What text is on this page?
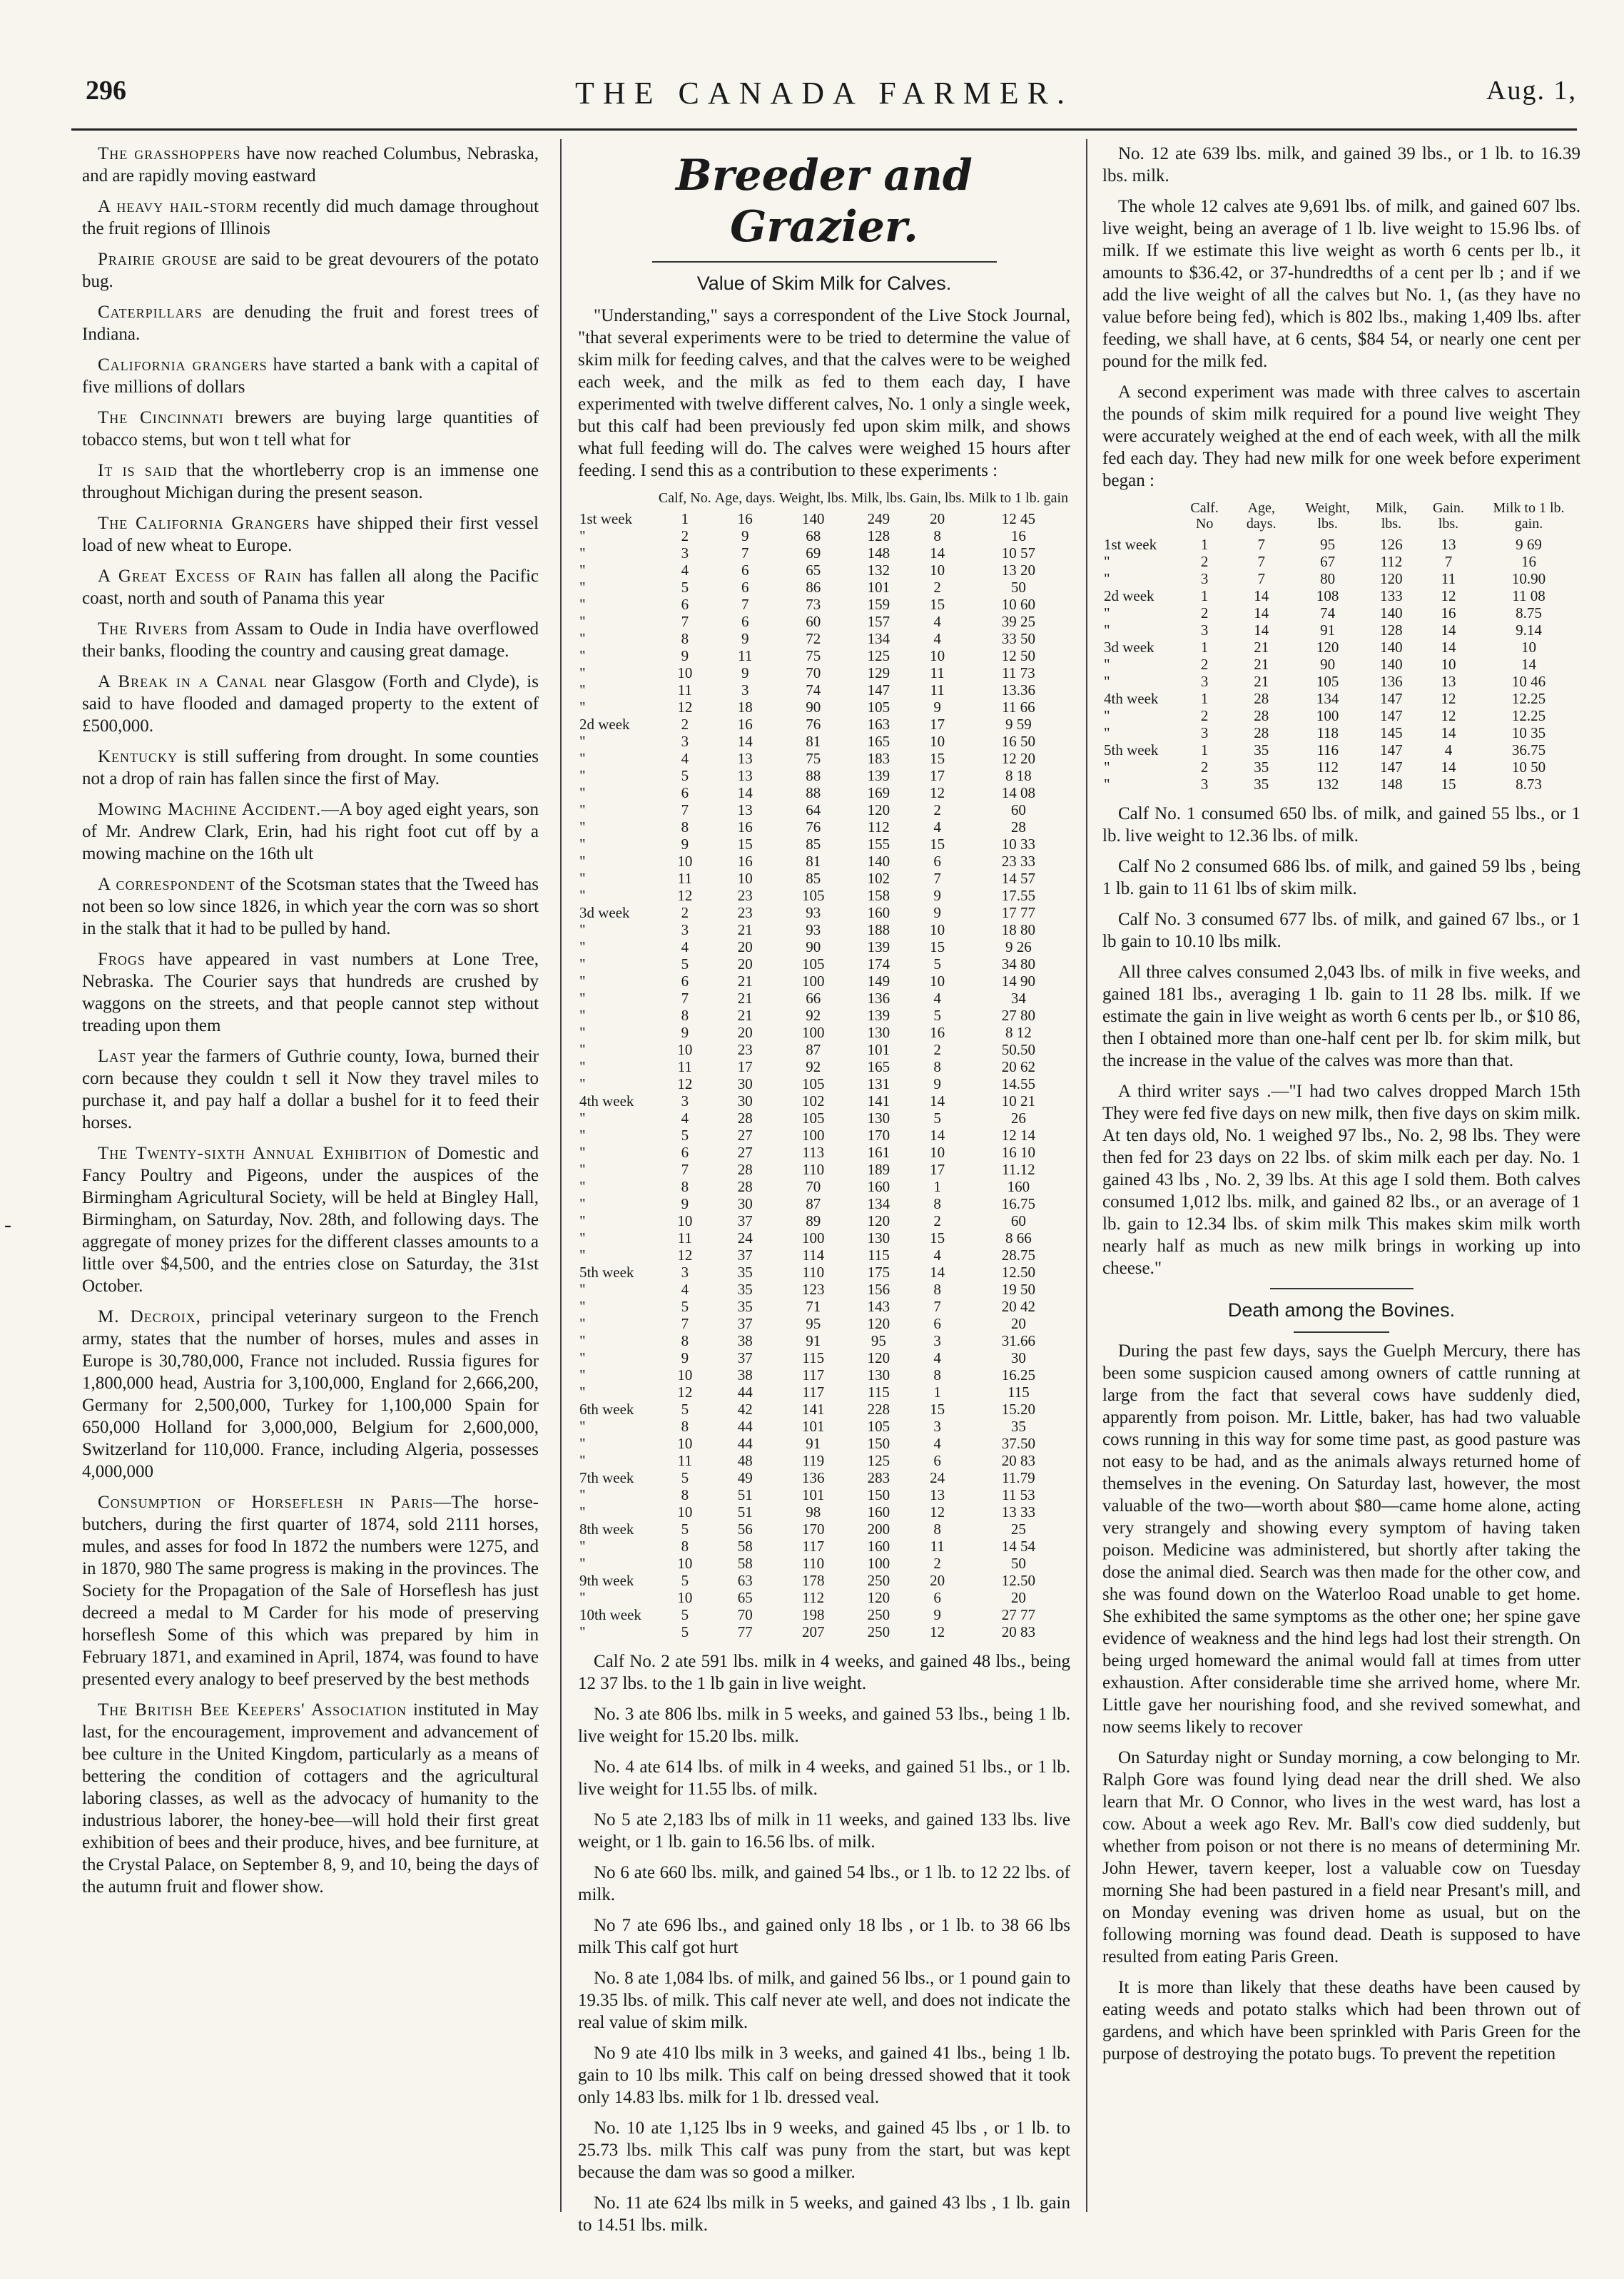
296	THE CANADA FARMER.	Aug. 1,
-

The grasshoppers have now reached Columbus, Nebraska, and are rapidly moving eastward

A heavy hail-storm recently did much damage throughout the fruit regions of Illinois

Prairie grouse are said to be great devourers of the potato bug.

Caterpillars are denuding the fruit and forest trees of Indiana.

California grangers have started a bank with a capital of five millions of dollars

The Cincinnati brewers are buying large quantities of tobacco stems, but won t tell what for

It is said that the whortleberry crop is an immense one throughout Michigan during the present season.

The California Grangers have shipped their first vessel load of new wheat to Europe.

A Great Excess of Rain has fallen all along the Pacific coast, north and south of Panama this year

The Rivers from Assam to Oude in India have overflowed their banks, flooding the country and causing great damage.

A Break in a Canal near Glasgow (Forth and Clyde), is said to have flooded and damaged property to the extent of £500,000.

Kentucky is still suffering from drought. In some counties not a drop of rain has fallen since the first of May.

Mowing Machine Accident.—A boy aged eight years, son of Mr. Andrew Clark, Erin, had his right foot cut off by a mowing machine on the 16th ult

A correspondent of the Scotsman states that the Tweed has not been so low since 1826, in which year the corn was so short in the stalk that it had to be pulled by hand.

Frogs have appeared in vast numbers at Lone Tree, Nebraska. The Courier says that hundreds are crushed by waggons on the streets, and that people cannot step without treading upon them

Last year the farmers of Guthrie county, Iowa, burned their corn because they couldn t sell it Now they travel miles to purchase it, and pay half a dollar a bushel for it to feed their horses.

The Twenty-sixth Annual Exhibition of Domestic and Fancy Poultry and Pigeons, under the auspices of the Birmingham Agricultural Society, will be held at Bingley Hall, Birmingham, on Saturday, Nov. 28th, and following days. The aggregate of money prizes for the different classes amounts to a little over $4,500, and the entries close on Saturday, the 31st October.

M. Decroix, principal veterinary surgeon to the French army, states that the number of horses, mules and asses in Europe is 30,780,000, France not included. Russia figures for 1,800,000 head, Austria for 3,100,000, England for 2,666,200, Germany for 2,500,000, Turkey for 1,100,000 Spain for 650,000 Holland for 3,000,000, Belgium for 2,600,000, Switzerland for 110,000. France, including Algeria, possesses 4,000,000

Consumption of Horseflesh in Paris—The horse-butchers, during the first quarter of 1874, sold 2111 horses, mules, and asses for food In 1872 the numbers were 1275, and in 1870, 980 The same progress is making in the provinces. The Society for the Propagation of the Sale of Horseflesh has just decreed a medal to M Carder for his mode of preserving horseflesh Some of this which was prepared by him in February 1871, and examined in April, 1874, was found to have presented every analogy to beef preserved by the best methods

The British Bee Keepers' Association instituted in May last, for the encouragement, improvement and advancement of bee culture in the United Kingdom, particularly as a means of bettering the condition of cottagers and the agricultural laboring classes, as well as the advocacy of humanity to the industrious laborer, the honey-bee—will hold their first great exhibition of bees and their produce, hives, and bee furniture, at the Crystal Palace, on September 8, 9, and 10, being the days of the autumn fruit and flower show.

Breeder and Grazier.
Value of Skim Milk for Calves.

"Understanding," says a correspondent of the Live Stock Journal, "that several experiments were to be tried to determine the value of skim milk for feeding calves, and that the calves were to be weighed each week, and the milk as fed to them each day, I have experimented with twelve different calves, No. 1 only a single week, but this calf had been previously fed upon skim milk, and shows what full feeding will do. The calves were weighed 15 hours after feeding. I send this as a contribution to these experiments :

	Calf, No.	Age, days.	Weight, lbs.	Milk, lbs.	Gain, lbs.	Milk to 1 lb. gain
1st week	1	16	140	249	20	12 45
"	2	9	68	128	8	16
"	3	7	69	148	14	10 57
"	4	6	65	132	10	13 20
"	5	6	86	101	2	50
"	6	7	73	159	15	10 60
"	7	6	60	157	4	39 25
"	8	9	72	134	4	33 50
"	9	11	75	125	10	12 50
"	10	9	70	129	11	11 73
"	11	3	74	147	11	13.36
"	12	18	90	105	9	11 66
2d week	2	16	76	163	17	9 59
"	3	14	81	165	10	16 50
"	4	13	75	183	15	12 20
"	5	13	88	139	17	8 18
"	6	14	88	169	12	14 08
"	7	13	64	120	2	60
"	8	16	76	112	4	28
"	9	15	85	155	15	10 33
"	10	16	81	140	6	23 33
"	11	10	85	102	7	14 57
"	12	23	105	158	9	17.55
3d week	2	23	93	160	9	17 77
"	3	21	93	188	10	18 80
"	4	20	90	139	15	9 26
"	5	20	105	174	5	34 80
"	6	21	100	149	10	14 90
"	7	21	66	136	4	34
"	8	21	92	139	5	27 80
"	9	20	100	130	16	8 12
"	10	23	87	101	2	50.50
"	11	17	92	165	8	20 62
"	12	30	105	131	9	14.55
4th week	3	30	102	141	14	10 21
"	4	28	105	130	5	26
"	5	27	100	170	14	12 14
"	6	27	113	161	10	16 10
"	7	28	110	189	17	11.12
"	8	28	70	160	1	160
"	9	30	87	134	8	16.75
"	10	37	89	120	2	60
"	11	24	100	130	15	8 66
"	12	37	114	115	4	28.75
5th week	3	35	110	175	14	12.50
"	4	35	123	156	8	19 50
"	5	35	71	143	7	20 42
"	7	37	95	120	6	20
"	8	38	91	95	3	31.66
"	9	37	115	120	4	30
"	10	38	117	130	8	16.25
"	12	44	117	115	1	115
6th week	5	42	141	228	15	15.20
"	8	44	101	105	3	35
"	10	44	91	150	4	37.50
"	11	48	119	125	6	20 83
7th week	5	49	136	283	24	11.79
"	8	51	101	150	13	11 53
"	10	51	98	160	12	13 33
8th week	5	56	170	200	8	25
"	8	58	117	160	11	14 54
"	10	58	110	100	2	50
9th week	5	63	178	250	20	12.50
"	10	65	112	120	6	20
10th week	5	70	198	250	9	27 77
"	5	77	207	250	12	20 83

Calf No. 2 ate 591 lbs. milk in 4 weeks, and gained 48 lbs., being 12 37 lbs. to the 1 lb gain in live weight.

No. 3 ate 806 lbs. milk in 5 weeks, and gained 53 lbs., being 1 lb. live weight for 15.20 lbs. milk.

No. 4 ate 614 lbs. of milk in 4 weeks, and gained 51 lbs., or 1 lb. live weight for 11.55 lbs. of milk.

No 5 ate 2,183 lbs of milk in 11 weeks, and gained 133 lbs. live weight, or 1 lb. gain to 16.56 lbs. of milk.

No 6 ate 660 lbs. milk, and gained 54 lbs., or 1 lb. to 12 22 lbs. of milk.

No 7 ate 696 lbs., and gained only 18 lbs , or 1 lb. to 38 66 lbs milk This calf got hurt

No. 8 ate 1,084 lbs. of milk, and gained 56 lbs., or 1 pound gain to 19.35 lbs. of milk. This calf never ate well, and does not indicate the real value of skim milk.

No 9 ate 410 lbs milk in 3 weeks, and gained 41 lbs., being 1 lb. gain to 10 lbs milk. This calf on being dressed showed that it took only 14.83 lbs. milk for 1 lb. dressed veal.

No. 10 ate 1,125 lbs in 9 weeks, and gained 45 lbs , or 1 lb. to 25.73 lbs. milk This calf was puny from the start, but was kept because the dam was so good a milker.

No. 11 ate 624 lbs milk in 5 weeks, and gained 43 lbs , 1 lb. gain to 14.51 lbs. milk.

No. 12 ate 639 lbs. milk, and gained 39 lbs., or 1 lb. to 16.39 lbs. milk.

The whole 12 calves ate 9,691 lbs. of milk, and gained 607 lbs. live weight, being an average of 1 lb. live weight to 15.96 lbs. of milk. If we estimate this live weight as worth 6 cents per lb., it amounts to $36.42, or 37-hundredths of a cent per lb ; and if we add the live weight of all the calves but No. 1, (as they have no value before being fed), which is 802 lbs., making 1,409 lbs. after feeding, we shall have, at 6 cents, $84 54, or nearly one cent per pound for the milk fed.

A second experiment was made with three calves to ascertain the pounds of skim milk required for a pound live weight They were accurately weighed at the end of each week, with all the milk fed each day. They had new milk for one week before experiment began :

	Calf. No	Age, days.	Weight, lbs.	Milk, lbs.	Gain. lbs.	Milk to 1 lb. gain.
1st week	1	7	95	126	13	9 69
"	2	7	67	112	7	16
"	3	7	80	120	11	10.90
2d week	1	14	108	133	12	11 08
"	2	14	74	140	16	8.75
"	3	14	91	128	14	9.14
3d week	1	21	120	140	14	10
"	2	21	90	140	10	14
"	3	21	105	136	13	10 46
4th week	1	28	134	147	12	12.25
"	2	28	100	147	12	12.25
"	3	28	118	145	14	10 35
5th week	1	35	116	147	4	36.75
"	2	35	112	147	14	10 50
"	3	35	132	148	15	8.73

Calf No. 1 consumed 650 lbs. of milk, and gained 55 lbs., or 1 lb. live weight to 12.36 lbs. of milk.

Calf No 2 consumed 686 lbs. of milk, and gained 59 lbs , being 1 lb. gain to 11 61 lbs of skim milk.

Calf No. 3 consumed 677 lbs. of milk, and gained 67 lbs., or 1 lb gain to 10.10 lbs milk.

All three calves consumed 2,043 lbs. of milk in five weeks, and gained 181 lbs., averaging 1 lb. gain to 11 28 lbs. milk. If we estimate the gain in live weight as worth 6 cents per lb., or $10 86, then I obtained more than one-half cent per lb. for skim milk, but the increase in the value of the calves was more than that.

A third writer says .—"I had two calves dropped March 15th They were fed five days on new milk, then five days on skim milk. At ten days old, No. 1 weighed 97 lbs., No. 2, 98 lbs. They were then fed for 23 days on 22 lbs. of skim milk each per day. No. 1 gained 43 lbs , No. 2, 39 lbs. At this age I sold them. Both calves consumed 1,012 lbs. milk, and gained 82 lbs., or an average of 1 lb. gain to 12.34 lbs. of skim milk This makes skim milk worth nearly half as much as new milk brings in working up into cheese."

Death among the Bovines.

During the past few days, says the Guelph Mercury, there has been some suspicion caused among owners of cattle running at large from the fact that several cows have suddenly died, apparently from poison. Mr. Little, baker, has had two valuable cows running in this way for some time past, as good pasture was not easy to be had, and as the animals always returned home of themselves in the evening. On Saturday last, however, the most valuable of the two—worth about $80—came home alone, acting very strangely and showing every symptom of having taken poison. Medicine was administered, but shortly after taking the dose the animal died. Search was then made for the other cow, and she was found down on the Waterloo Road unable to get home. She exhibited the same symptoms as the other one; her spine gave evidence of weakness and the hind legs had lost their strength. On being urged homeward the animal would fall at times from utter exhaustion. After considerable time she arrived home, where Mr. Little gave her nourishing food, and she revived somewhat, and now seems likely to recover

On Saturday night or Sunday morning, a cow belonging to Mr. Ralph Gore was found lying dead near the drill shed. We also learn that Mr. O Connor, who lives in the west ward, has lost a cow. About a week ago Rev. Mr. Ball's cow died suddenly, but whether from poison or not there is no means of determining Mr. John Hewer, tavern keeper, lost a valuable cow on Tuesday morning She had been pastured in a field near Presant's mill, and on Monday evening was driven home as usual, but on the following morning was found dead. Death is supposed to have resulted from eating Paris Green.

It is more than likely that these deaths have been caused by eating weeds and potato stalks which had been thrown out of gardens, and which have been sprinkled with Paris Green for the purpose of destroying the potato bugs. To prevent the repetition
